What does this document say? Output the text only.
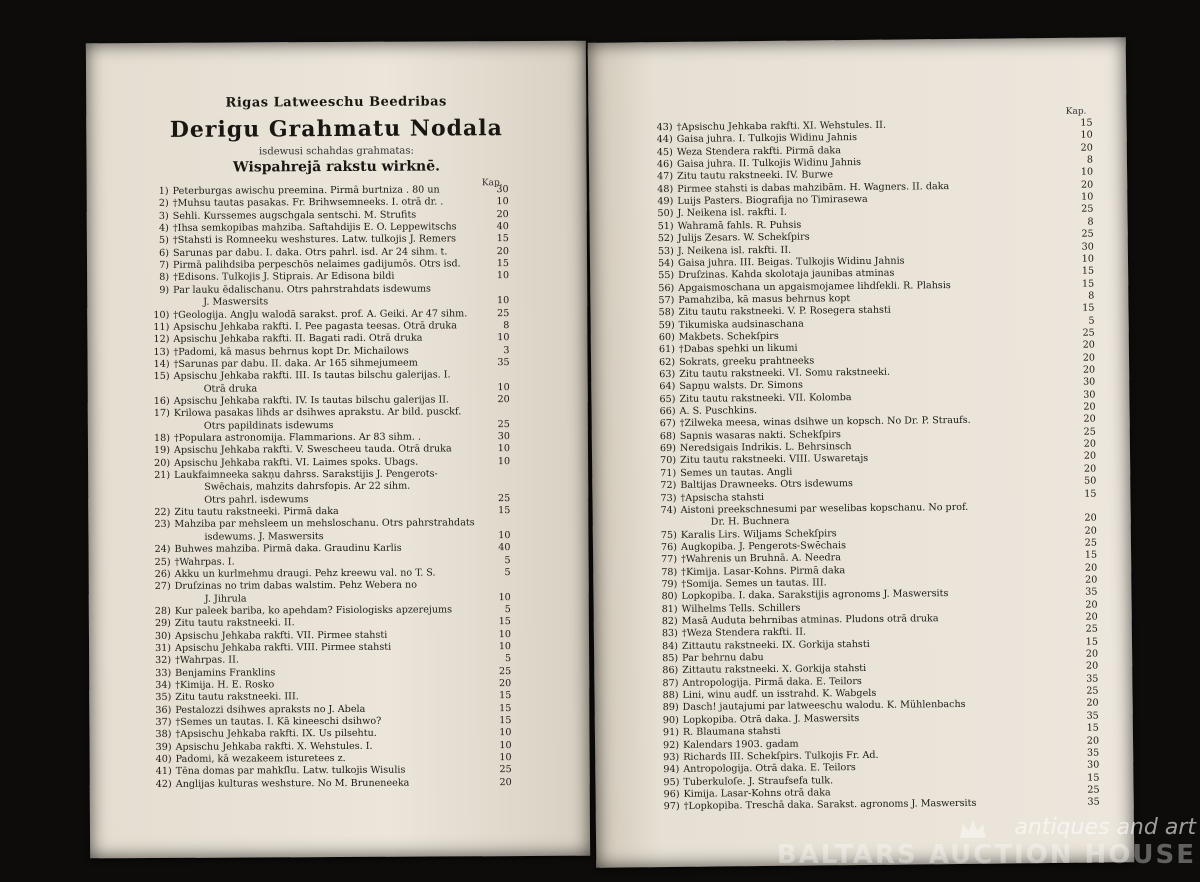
Rigas Latweeschu Beedribas
Derigu Grahmatu Nodala
isdewusi schahdas grahmatas:
Wispahrejā rakstu wirknē.
Kap.
1) Peterburgas awischu preemina. Pirmā burtniza . 80 un	30
2) †Muhsu tautas pasakas. Fr. Brihwsemneeks. I. otrā dr. .	10
3) Sehli. Kurssemes augschgala sentschi. M. Strufits	20
4) †Ihsa semkopibas mahziba. Saftahdijis E. O. Leppewitschs	40
5) †Stahsti is Romneeku weshstures. Latw. tulkojis J. Remers	15
6) Sarunas par dabu. I. daka. Otrs pahrl. isd. Ar 24 sihm. t.	20
7) Pirmā palihdsiba perpeschōs nelaimes gadijumōs. Otrs isd.	15
8) †Edisons. Tulkojis J. Stiprais. Ar Edisona bildi	10
9) Par lauku ēdalischanu. Otrs pahrstrahdats isdewums
J. Maswersits	10
10) †Geologija. Angļu walodā sarakst. prof. A. Geiki. Ar 47 sihm.	25
11) Apsischu Jehkaba rakfti. I. Pee pagasta teesas. Otrā druka	8
12) Apsischu Jehkaba rakfti. II. Bagati radi. Otrā druka	10
13) †Padomi, kā masus behrnus kopt Dr. Michailows	3
14) †Sarunas par dabu. II. daka. Ar 165 sihmejumeem	35
15) Apsischu Jehkaba rakfti. III. Is tautas bilschu galerijas. I.
Otrā druka	10
16) Apsischu Jehkaba rakfti. IV. Is tautas bilschu galerijas II.	20
17) Krilowa pasakas lihds ar dsihwes aprakstu. Ar bild. pusckf.
Otrs papildinats isdewums	25
18) †Populara astronomija. Flammarions. Ar 83 sihm. .	30
19) Apsischu Jehkaba rakfti. V. Swescheeu tauda. Otrā druka	10
20) Apsischu Jehkaba rakfti. VI. Laimes spoks. Ubags.	10
21) Laukfaimneeka sakņu dahrss. Sarakstijis J. Pengerots-
Swēchais, mahzits dahrsfopis. Ar 22 sihm.
Otrs pahrl. isdewums	25
22) Zitu tautu rakstneeki. Pirmā daka	15
23) Mahziba par mehsleem un mehsloschanu. Otrs pahrstrahdats
isdewums. J. Maswersits	10
24) Buhwes mahziba. Pirmā daka. Graudinu Karlis	40
25) †Wahrpas. I.	5
26) Akku un kurlmehmu draugi. Pehz kreewu val. no T. S.	5
27) Druſzinas no trim dabas walstim. Pehz Webera no
J. Jihrula	10
28) Kur paleek bariba, ko apehdam? Fisiologisks apzerejums	5
29) Zitu tautu rakstneeki. II.	15
30) Apsischu Jehkaba rakfti. VII. Pirmee stahsti	10
31) Apsischu Jehkaba rakfti. VIII. Pirmee stahsti	10
32) †Wahrpas. II.	5
33) Benjamins Franklins	25
34) †Kimija. H. E. Rosko	20
35) Zitu tautu rakstneeki. III.	15
36) Pestalozzi dsihwes apraksts no J. Abela	15
37) †Semes un tautas. I. Kā kineeschi dsihwo?	15
38) †Apsischu Jehkaba rakfti. IX. Us pilsehtu.	10
39) Apsischu Jehkaba rakfti. X. Wehstules. I.	10
40) Padomi, kā wezakeem isturetees z.	10
41) Tēna domas par mahkſlu. Latw. tulkojis Wisulis	25
42) Anglijas kulturas weshsture. No M. Bruneneeka	20
Kap.
43) †Apsischu Jehkaba rakfti. XI. Wehstules. II.	15
44) Gaisa juhra. I. Tulkojis Widinu Jahnis	10
45) Weza Stendera rakfti. Pirmā daka	20
46) Gaisa juhra. II. Tulkojis Widinu Jahnis	8
47) Zitu tautu rakstneeki. IV. Burwe	10
48) Pirmee stahsti is dabas mahzibām. H. Wagners. II. daka	20
49) Luijs Pasters. Biografija no Timirasewa	10
50) J. Neikena isl. rakfti. I.	25
51) Wahramā fahls. R. Puhsis	8
52) Julijs Zesars. W. Schekſpirs	25
53) J. Neikena isl. rakfti. II.	30
54) Gaisa juhra. III. Beigas. Tulkojis Widinu Jahnis	10
55) Druſzinas. Kahda skolotaja jaunibas atminas	15
56) Apgaismoschana un apgaismojamee lihdſekli. R. Plahsis	15
57) Pamahziba, kā masus behrnus kopt	8
58) Zitu tautu rakstneeki. V. P. Rosegera stahsti	15
59) Tikumiska audsinaschana	5
60) Makbets. Schekſpirs	25
61) †Dabas spehki un likumi	20
62) Sokrats, greeku prahtneeks	20
63) Zitu tautu rakstneeki. VI. Somu rakstneeki.	20
64) Sapņu walsts. Dr. Simons	30
65) Zitu tautu rakstneeki. VII. Kolomba	30
66) A. S. Puschkins.	20
67) †Zilweka meesa, winas dsihwe un kopsch. No Dr. P. Straufs.	20
68) Sapnis wasaras nakti. Schekſpirs	25
69) Neredsigais Indrikis. L. Behrsinsch	20
70) Zitu tautu rakstneeki. VIII. Uswaretajs	20
71) Semes un tautas. Angli	20
72) Baltijas Drawneeks. Otrs isdewums	50
73) †Apsischa stahsti	15
74) Aistoni preekschnesumi par weselibas kopschanu. No prof.
Dr. H. Buchnera	20
75) Karalis Lirs. Wiljams Schekſpirs	20
76) Augkopiba. J. Pengerots-Swēchais	25
77) †Wahrenis un Bruhnā. A. Needra	15
78) †Kimija. Lasar-Kohns. Pirmā daka	20
79) †Somija. Semes un tautas. III.	20
80) Lopkopiba. I. daka. Sarakstijis agronoms J. Maswersits	35
81) Wilhelms Tells. Schillers	20
82) Masā Auduta behrnibas atminas. Pludons otrā druka	20
83) †Weza Stendera rakfti. II.	25
84) Zittautu rakstneeki. IX. Gorkija stahsti	15
85) Par behrnu dabu	20
86) Zittautu rakstneeki. X. Gorkija stahsti	20
87) Antropologija. Pirmā daka. E. Teilors	35
88) Lini, winu audf. un isstrahd. K. Wabgels	25
89) Dasch! jautajumi par latweeschu walodu. K. Mühlenbachs	20
90) Lopkopiba. Otrā daka. J. Maswersits	35
91) R. Blaumana stahsti	15
92) Kalendars 1903. gadam	20
93) Richards III. Schekſpirs. Tulkojis Fr. Ad.	35
94) Antropologija. Otrā daka. E. Teilors	30
95) Tuberkuloſe. J. Straufsefa tulk.	15
96) Kimija. Lasar-Kohns otrā daka	25
97) †Lopkopiba. Treschā daka. Sarakst. agronoms J. Maswersits	35
antiques and art
BALTARS AUCTION HOUSE
